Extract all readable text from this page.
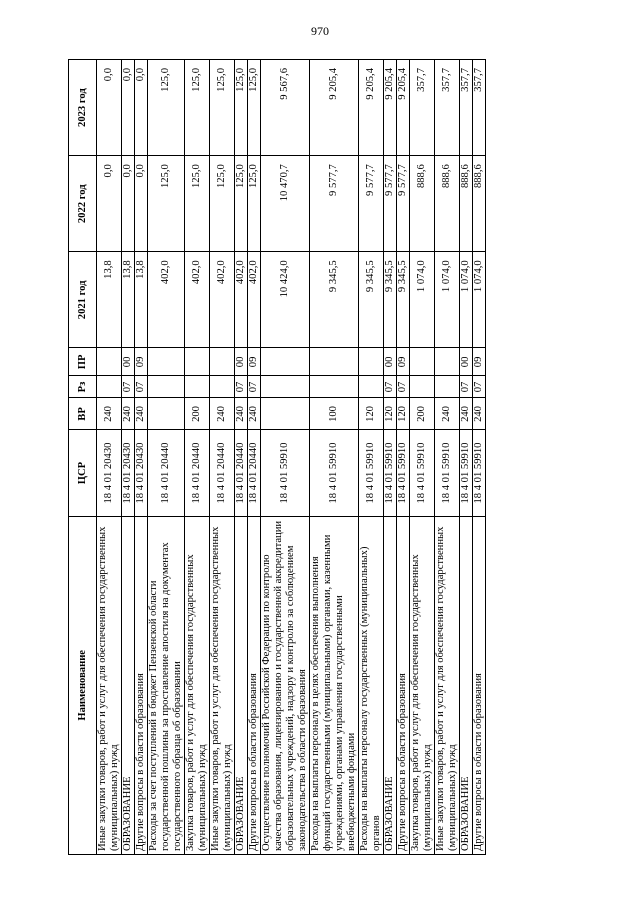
970
Наименование	ЦСР	ВР	Рз	ПР	2021 год	2022 год	2023 год
Иные закупки товаров, работ и услуг для обеспечения государственных (муниципальных) нужд	18 4 01 20430	240			13,8	0,0	0,0
ОБРАЗОВАНИЕ	18 4 01 20430	240	07	00	13,8	0,0	0,0
Другие вопросы в области образования	18 4 01 20430	240	07	09	13,8	0,0	0,0
Расходы за счет поступлений в бюджет Пензенской области государственной пошлины за проставление апостиля на документах государственного образца об образовании	18 4 01 20440				402,0	125,0	125,0
Закупка товаров, работ и услуг для обеспечения государственных (муниципальных) нужд	18 4 01 20440	200			402,0	125,0	125,0
Иные закупки товаров, работ и услуг для обеспечения государственных (муниципальных) нужд	18 4 01 20440	240			402,0	125,0	125,0
ОБРАЗОВАНИЕ	18 4 01 20440	240	07	00	402,0	125,0	125,0
Другие вопросы в области образования	18 4 01 20440	240	07	09	402,0	125,0	125,0
Осуществление полномочий Российской Федерации по контролю качества образования, лицензированию и государственной аккредитации образовательных учреждений, надзору и контролю за соблюдением законодательства в области образования	18 4 01 59910				10 424,0	10 470,7	9 567,6
Расходы на выплаты персоналу в целях обеспечения выполнения функций государственными (муниципальными) органами, казенными учреждениями, органами управления государственными внебюджетными фондами	18 4 01 59910	100			9 345,5	9 577,7	9 205,4
Расходы на выплаты персоналу государственных (муниципальных) органов	18 4 01 59910	120			9 345,5	9 577,7	9 205,4
ОБРАЗОВАНИЕ	18 4 01 59910	120	07	00	9 345,5	9 577,7	9 205,4
Другие вопросы в области образования	18 4 01 59910	120	07	09	9 345,5	9 577,7	9 205,4
Закупка товаров, работ и услуг для обеспечения государственных (муниципальных) нужд	18 4 01 59910	200			1 074,0	888,6	357,7
Иные закупки товаров, работ и услуг для обеспечения государственных (муниципальных) нужд	18 4 01 59910	240			1 074,0	888,6	357,7
ОБРАЗОВАНИЕ	18 4 01 59910	240	07	00	1 074,0	888,6	357,7
Другие вопросы в области образования	18 4 01 59910	240	07	09	1 074,0	888,6	357,7
